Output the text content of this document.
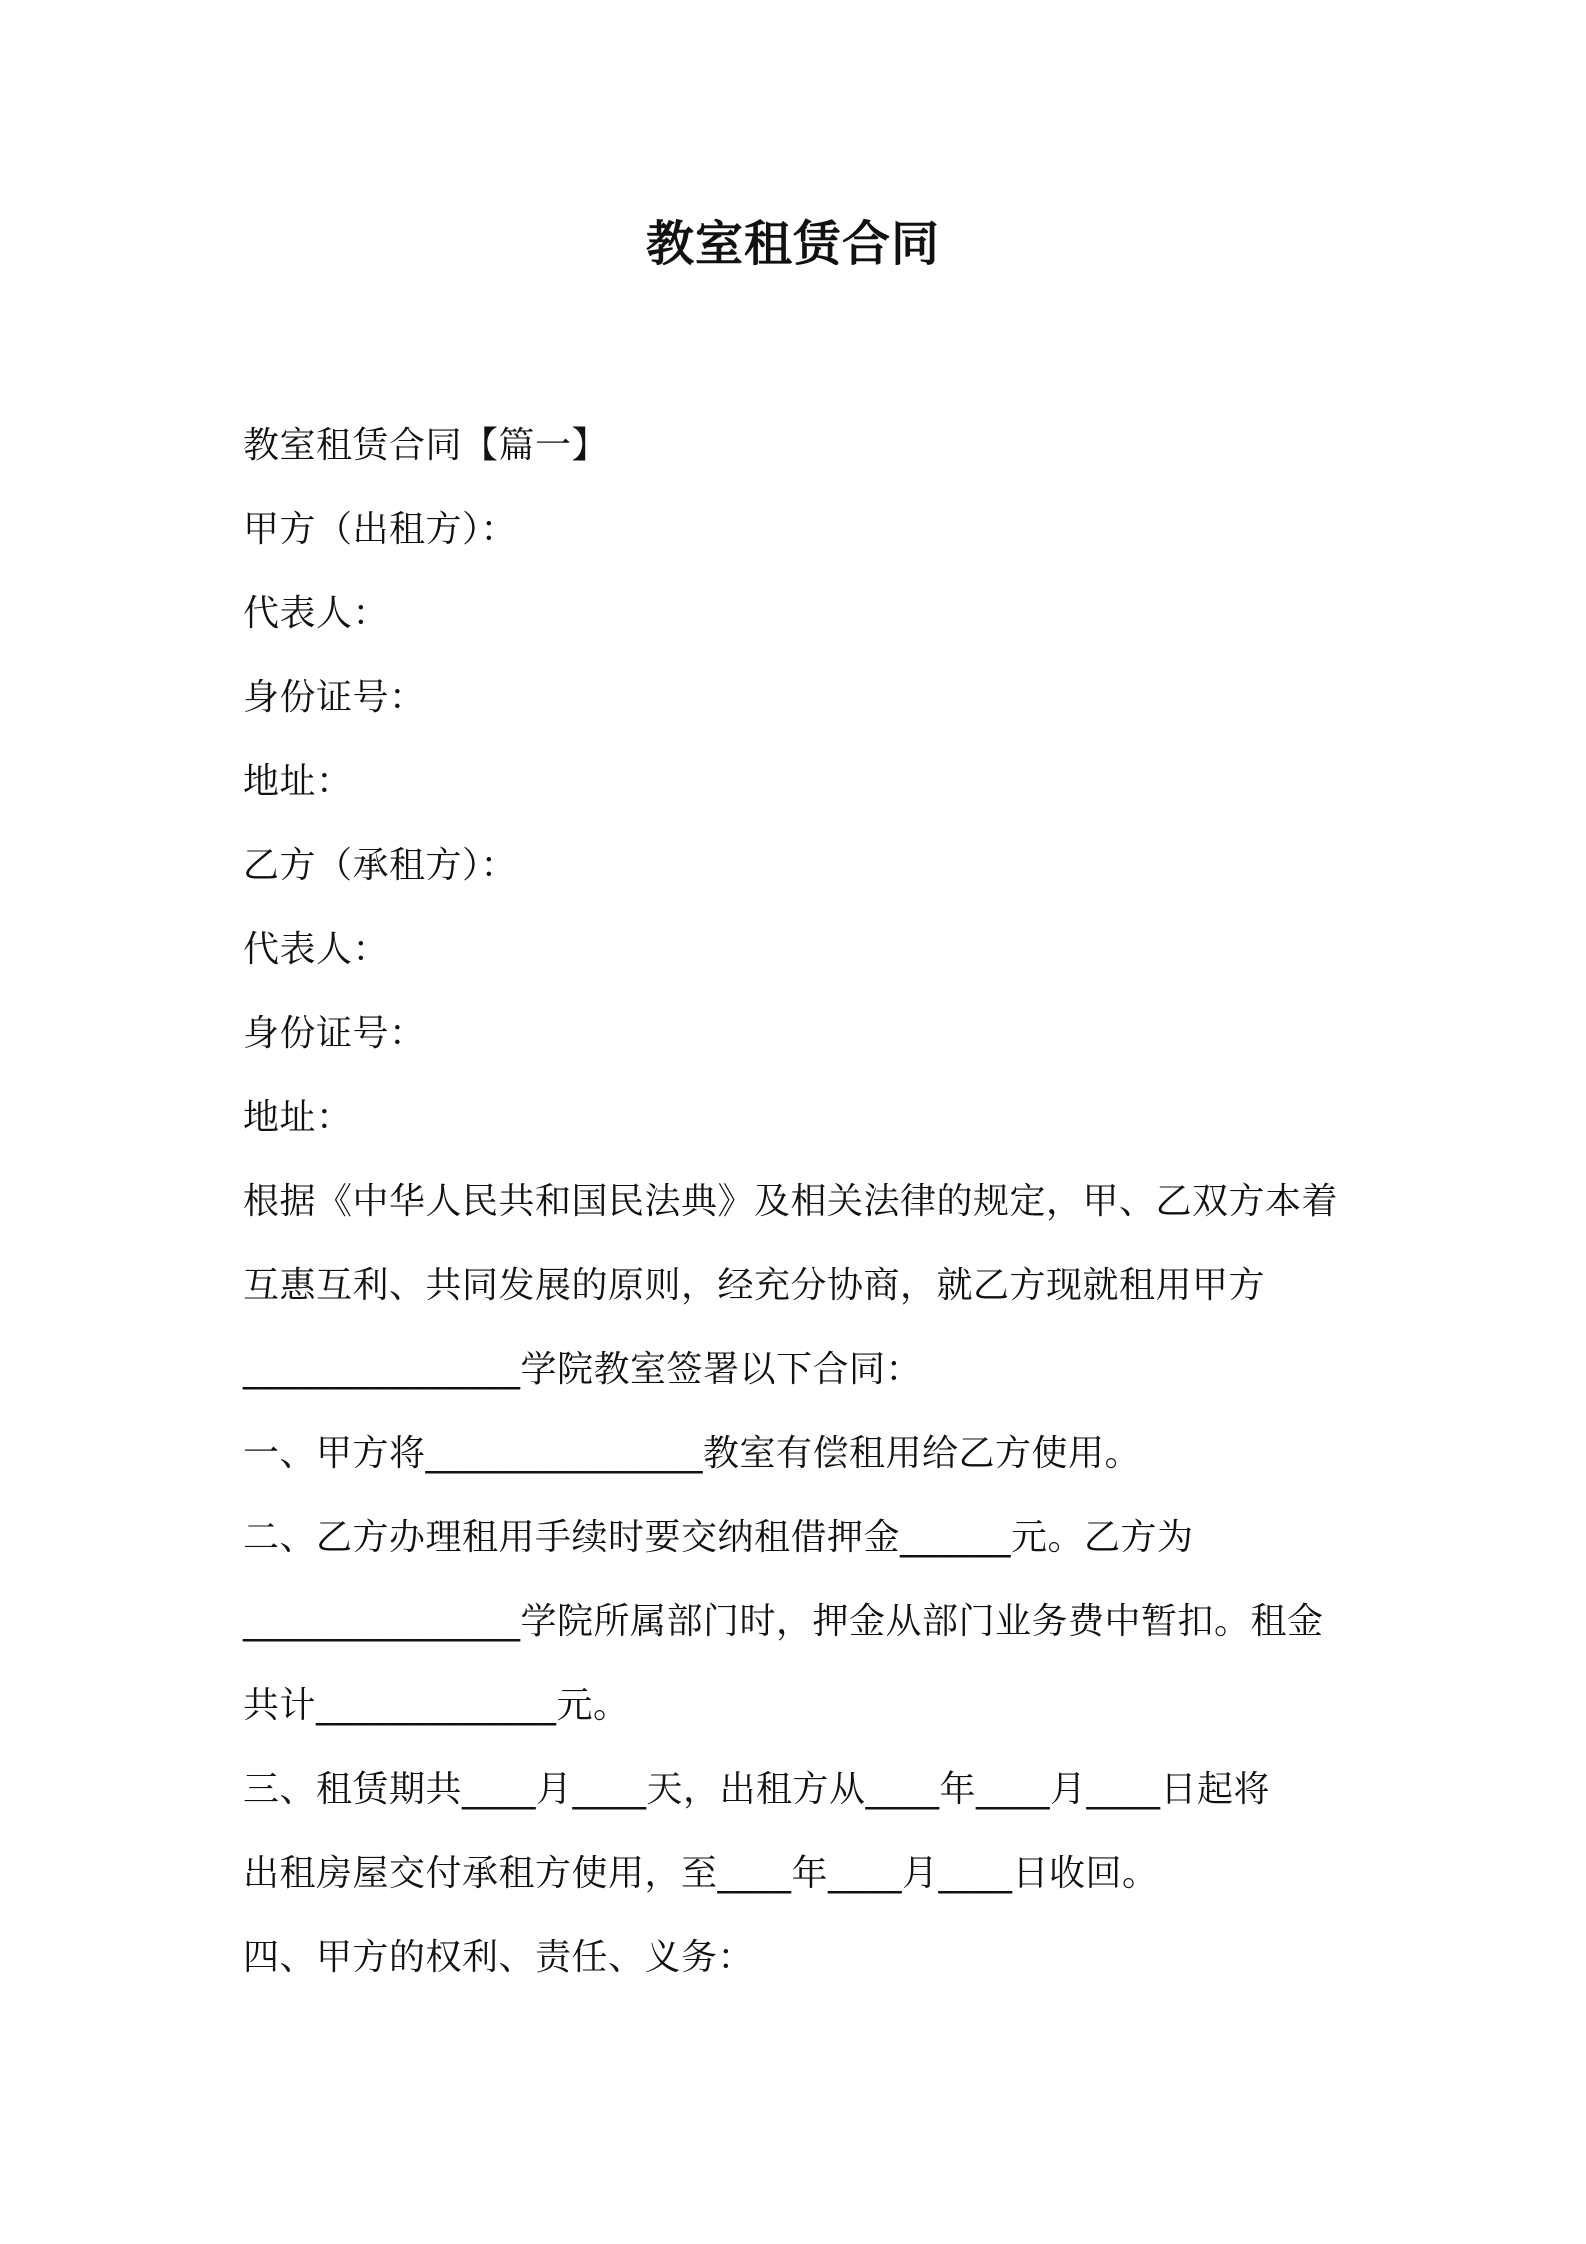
教室租赁合同
教室租赁合同【篇一】
甲方（出租方）：
代表人：
身份证号：
地址：
乙方（承租方）：
代表人：
身份证号：
地址：
根据《中华人民共和国民法典》及相关法律的规定，甲、乙双方本着
互惠互利、共同发展的原则，经充分协商，就乙方现就租用甲方
_______________学院教室签署以下合同：
一、甲方将_______________教室有偿租用给乙方使用。
二、乙方办理租用手续时要交纳租借押金______元。乙方为
_______________学院所属部门时，押金从部门业务费中暂扣。租金
共计_____________元。
三、租赁期共____月____天，出租方从____年____月____日起将
出租房屋交付承租方使用，至____年____月____日收回。
四、甲方的权利、责任、义务：
